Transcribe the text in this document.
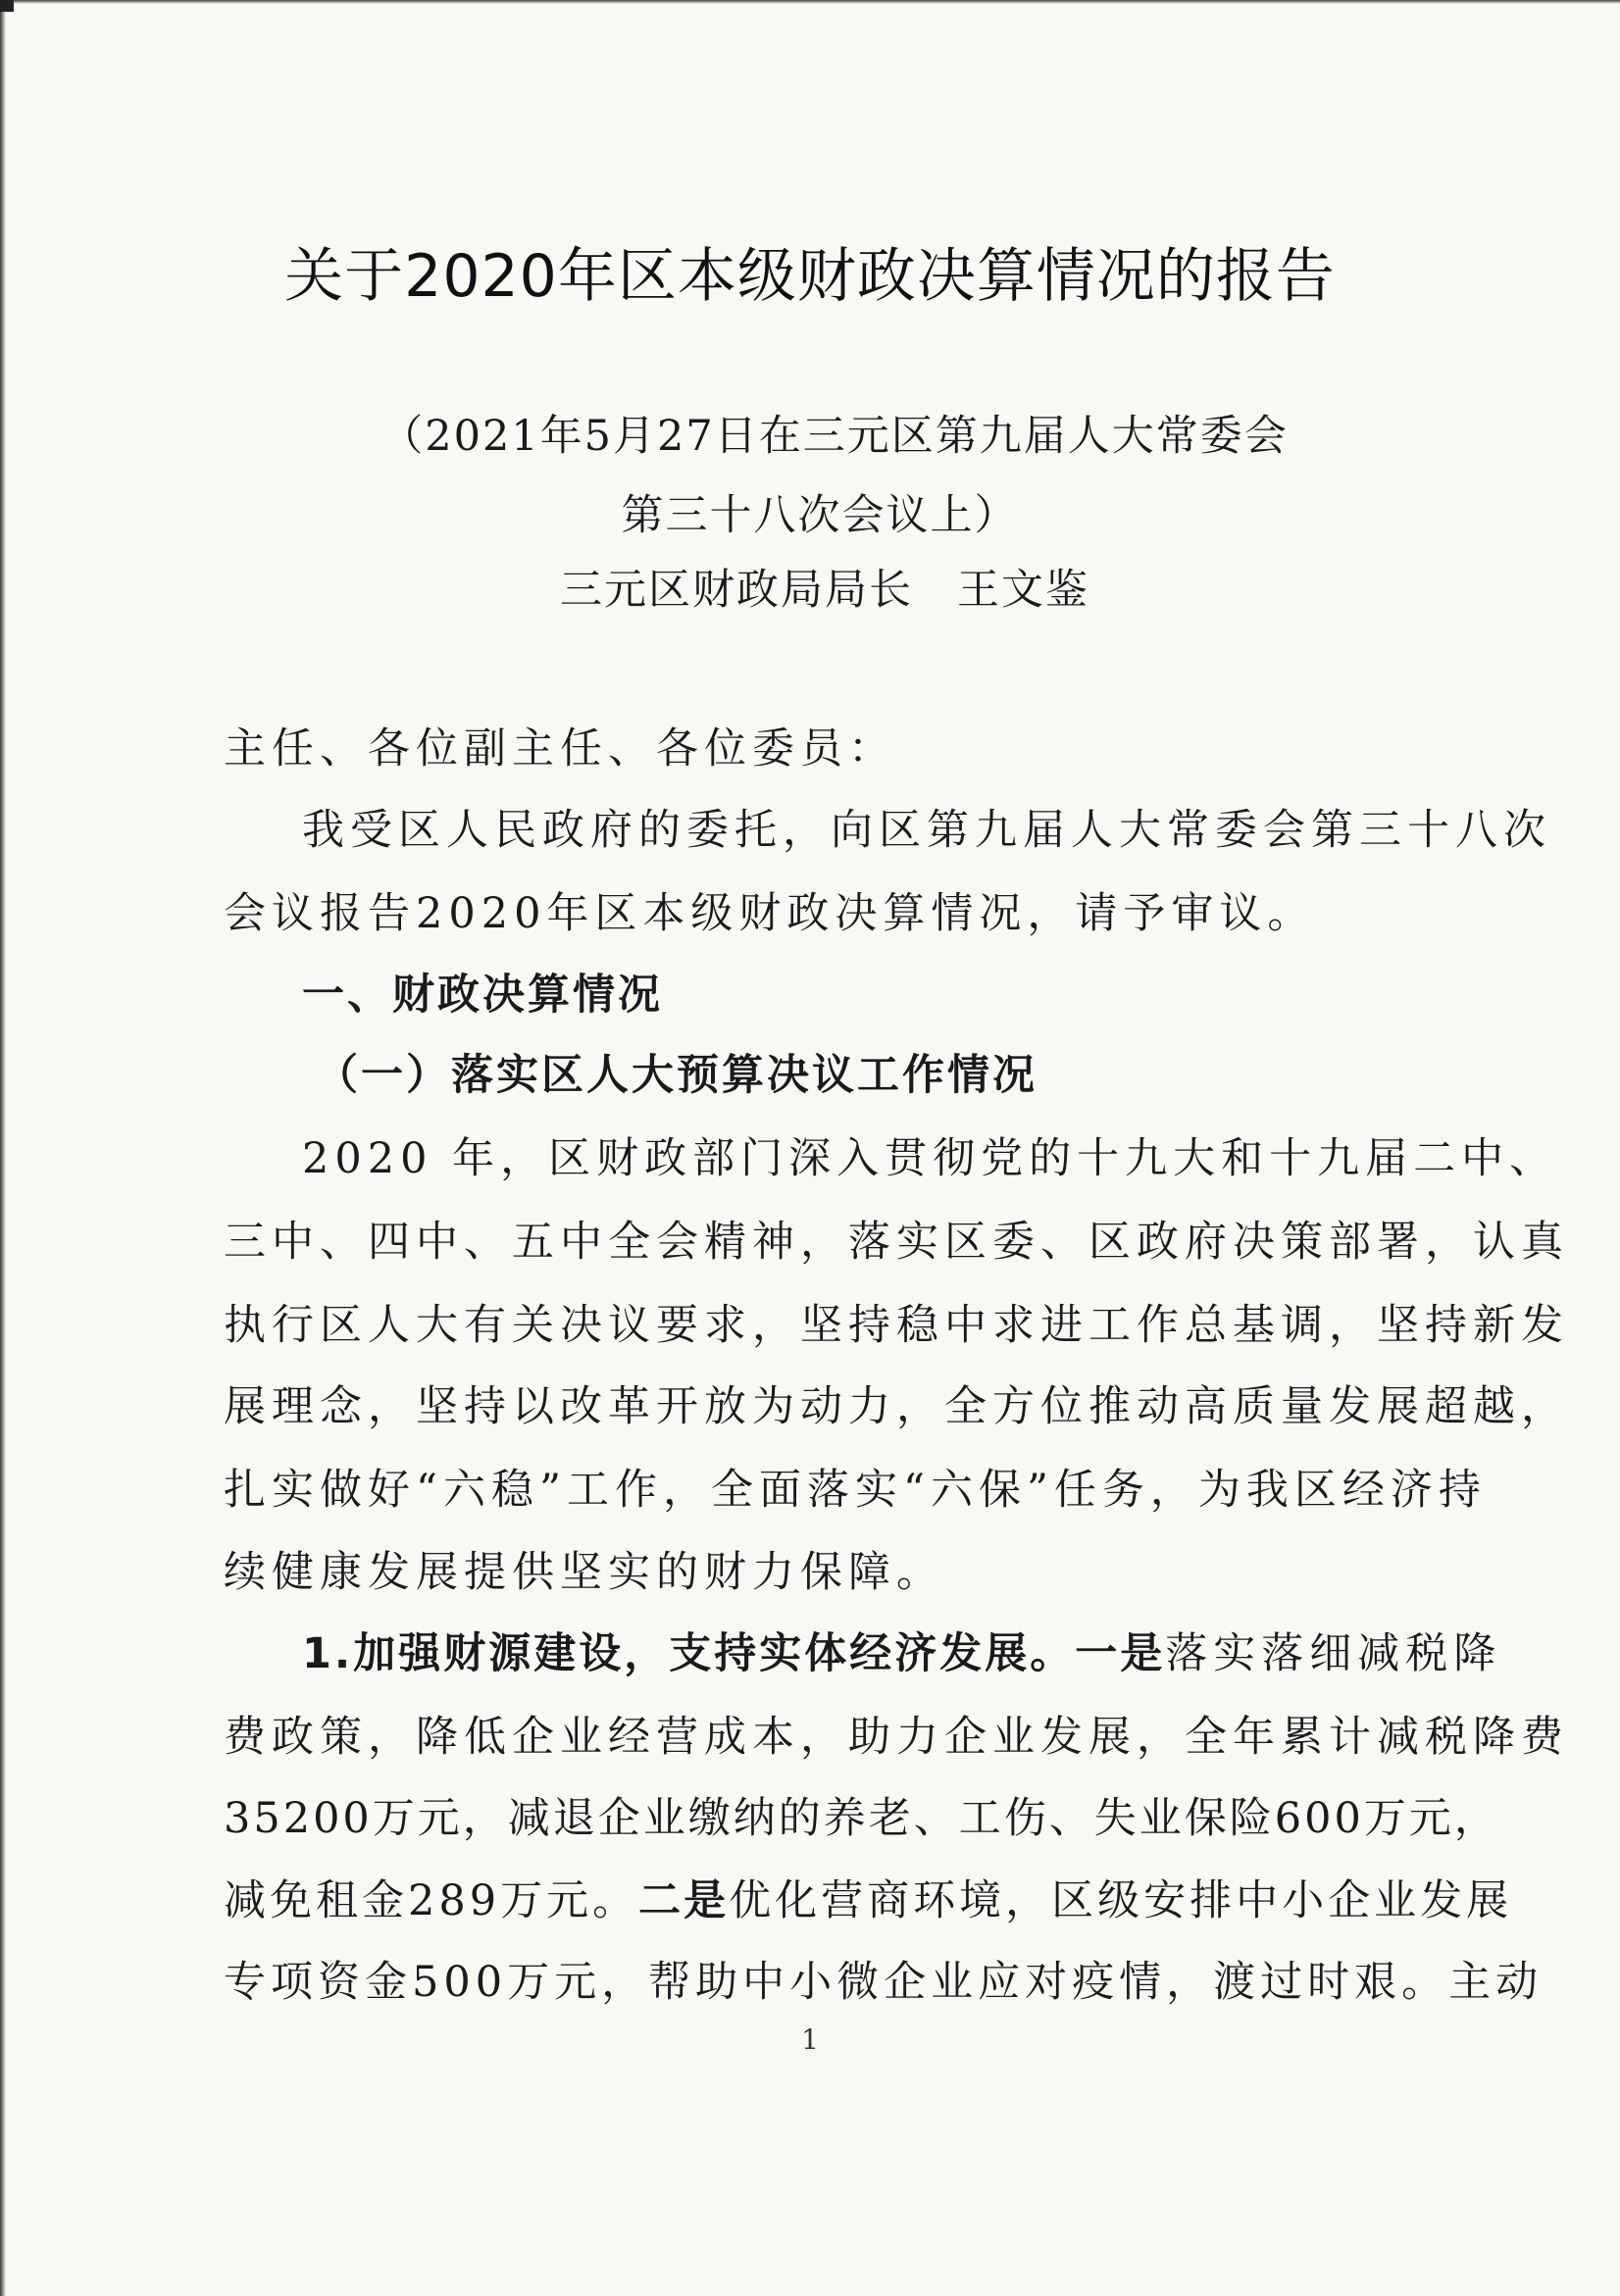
关于2020年区本级财政决算情况的报告
（2021年5月27日在三元区第九届人大常委会
第三十八次会议上）
三元区财政局局长　王文鉴
主任、各位副主任、各位委员：
我受区人民政府的委托，向区第九届人大常委会第三十八次
会议报告2020年区本级财政决算情况，请予审议。
一、财政决算情况
（一）落实区人大预算决议工作情况
2020 年，区财政部门深入贯彻党的十九大和十九届二中、
三中、四中、五中全会精神，落实区委、区政府决策部署，认真
执行区人大有关决议要求，坚持稳中求进工作总基调，坚持新发
展理念，坚持以改革开放为动力，全方位推动高质量发展超越，
扎实做好“六稳”工作，全面落实“六保”任务，为我区经济持
续健康发展提供坚实的财力保障。
1.加强财源建设，支持实体经济发展。一是落实落细减税降
费政策，降低企业经营成本，助力企业发展，全年累计减税降费
35200万元，减退企业缴纳的养老、工伤、失业保险600万元，
减免租金289万元。二是优化营商环境，区级安排中小企业发展
专项资金500万元，帮助中小微企业应对疫情，渡过时艰。主动
1
